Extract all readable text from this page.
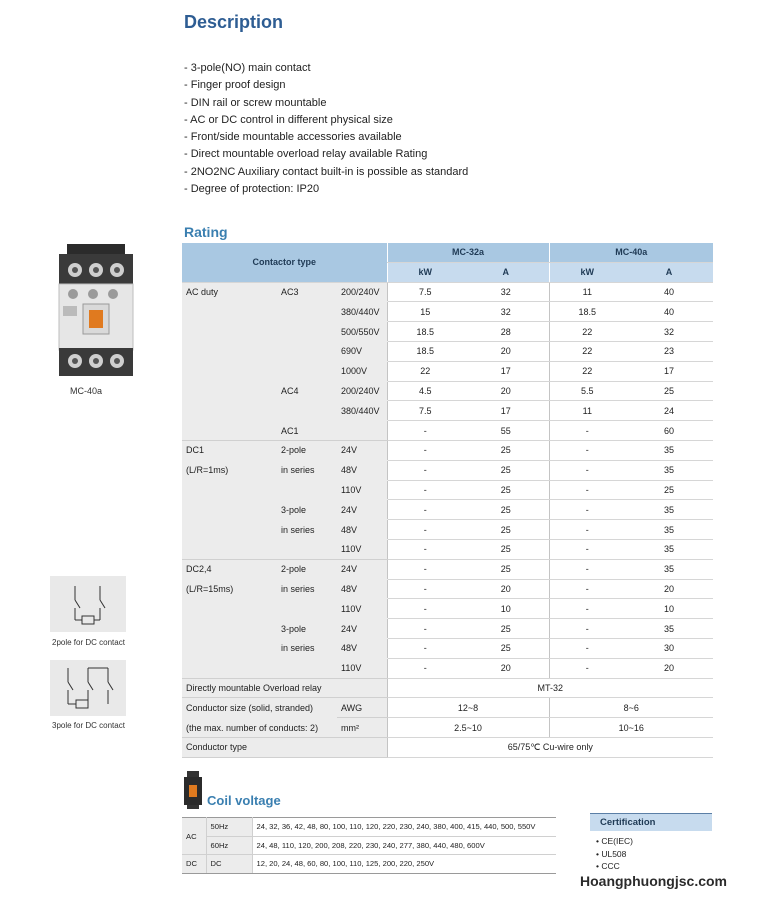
Description
- 3-pole(NO) main contact
- Finger proof design
- DIN rail or screw mountable
- AC or DC control in different physical size
- Front/side mountable accessories available
- Direct mountable overload relay available Rating
- 2NO2NC Auxiliary contact built-in is possible as standard
- Degree of protection: IP20
Rating
MC-40a
2pole for DC contact
3pole for DC contact
Contactor type			MC-32a		MC-40a	
			kW	A	kW	A
AC duty	AC3	200/240V	7.5	32	11	40
		380/440V	15	32	18.5	40
		500/550V	18.5	28	22	32
		690V	18.5	20	22	23
		1000V	22	17	22	17
	AC4	200/240V	4.5	20	5.5	25
		380/440V	7.5	17	11	24
	AC1		-	55	-	60
DC1	2-pole	24V	-	25	-	35
(L/R=1ms)	in series	48V	-	25	-	35
		110V	-	25	-	25
	3-pole	24V	-	25	-	35
	in series	48V	-	25	-	35
		110V	-	25	-	35
DC2,4	2-pole	24V	-	25	-	35
(L/R=15ms)	in series	48V	-	20	-	20
		110V	-	10	-	10
	3-pole	24V	-	25	-	35
	in series	48V	-	25	-	30
		110V	-	20	-	20
Directly mountable Overload relay			MT-32			
Conductor size (solid, stranded)		AWG	12~8		8~6	
(the max. number of conducts: 2)		mm²	2.5~10		10~16	
Conductor type			65/75℃ Cu-wire only			
Coil voltage
AC	50Hz	24, 32, 36, 42, 48, 80, 100, 110, 120, 220, 230, 240, 380, 400, 415, 440, 500, 550V
	60Hz	24, 48, 110, 120, 200, 208, 220, 230, 240, 277, 380, 440, 480, 600V
DC	DC	12, 20, 24, 48, 60, 80, 100, 110, 125, 200, 220, 250V
Certification
• CE(IEC)
• UL508
• CCC
Hoangphuongjsc.com
